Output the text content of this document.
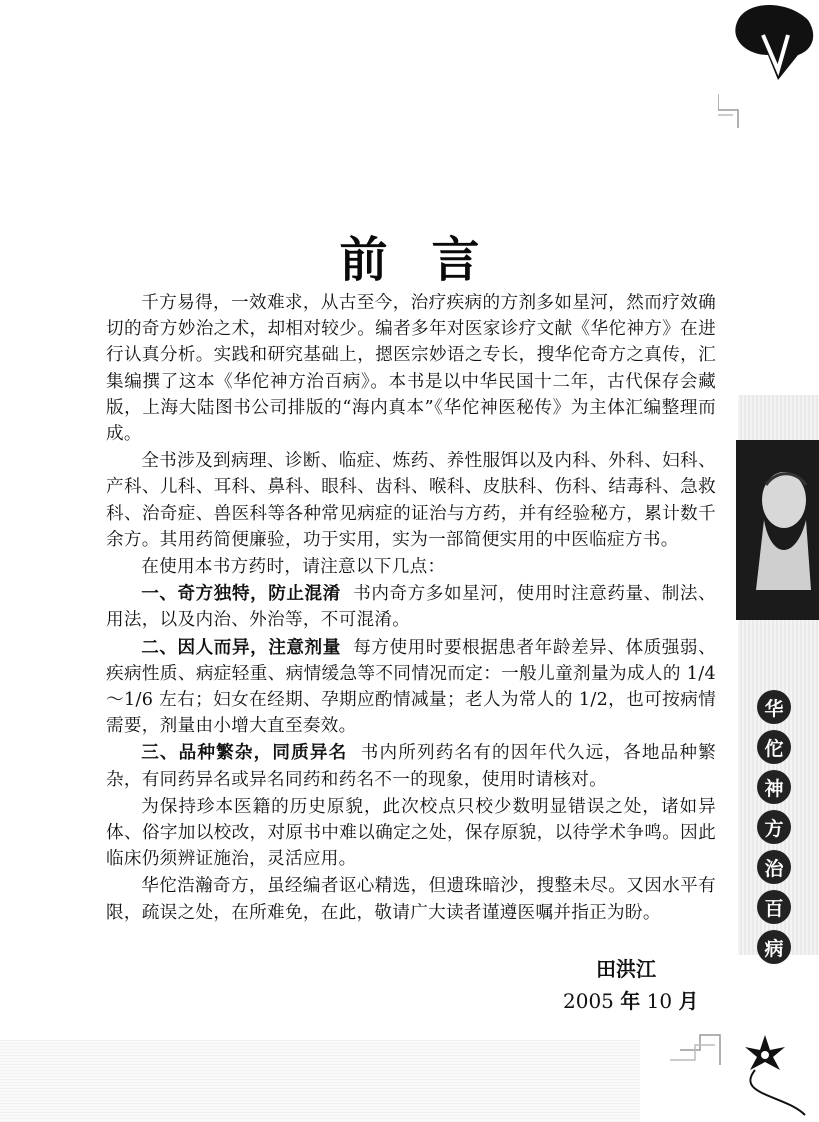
华
佗
神
方
治
百
病
前言

千方易得，一效难求，从古至今，治疗疾病的方剂多如星河，然而疗效确切的奇方妙治之术，却相对较少。编者多年对医家诊疗文献《华佗神方》在进行认真分析。实践和研究基础上，摁医宗妙语之专长，搜华佗奇方之真传，汇集编撰了这本《华佗神方治百病》。本书是以中华民国十二年，古代保存会藏版，上海大陆图书公司排版的“海内真本”《华佗神医秘传》为主体汇编整理而成。

全书涉及到病理、诊断、临症、炼药、养性服饵以及内科、外科、妇科、产科、儿科、耳科、鼻科、眼科、齿科、喉科、皮肤科、伤科、结毒科、急救科、治奇症、兽医科等各种常见病症的证治与方药，并有经验秘方，累计数千余方。其用药简便廉验，功于实用，实为一部简便实用的中医临症方书。

在使用本书方药时，请注意以下几点：

一、奇方独特，防止混淆 书内奇方多如星河，使用时注意药量、制法、用法，以及内治、外治等，不可混淆。

二、因人而异，注意剂量 每方使用时要根据患者年龄差异、体质强弱、疾病性质、病症轻重、病情缓急等不同情况而定：一般儿童剂量为成人的 1/4～1/6 左右；妇女在经期、孕期应酌情减量；老人为常人的 1/2，也可按病情需要，剂量由小增大直至奏效。

三、品种繁杂，同质异名 书内所列药名有的因年代久远，各地品种繁杂，有同药异名或异名同药和药名不一的现象，使用时请核对。

为保持珍本医籍的历史原貌，此次校点只校少数明显错误之处，诸如异体、俗字加以校改，对原书中难以确定之处，保存原貌，以待学术争鸣。因此临床仍须辨证施治，灵活应用。

华佗浩瀚奇方，虽经编者讴心精选，但遗珠暗沙，搜整未尽。又因水平有限，疏误之处，在所难免，在此，敬请广大读者谨遵医嘱并指正为盼。

田洪江
2005 年 10 月
